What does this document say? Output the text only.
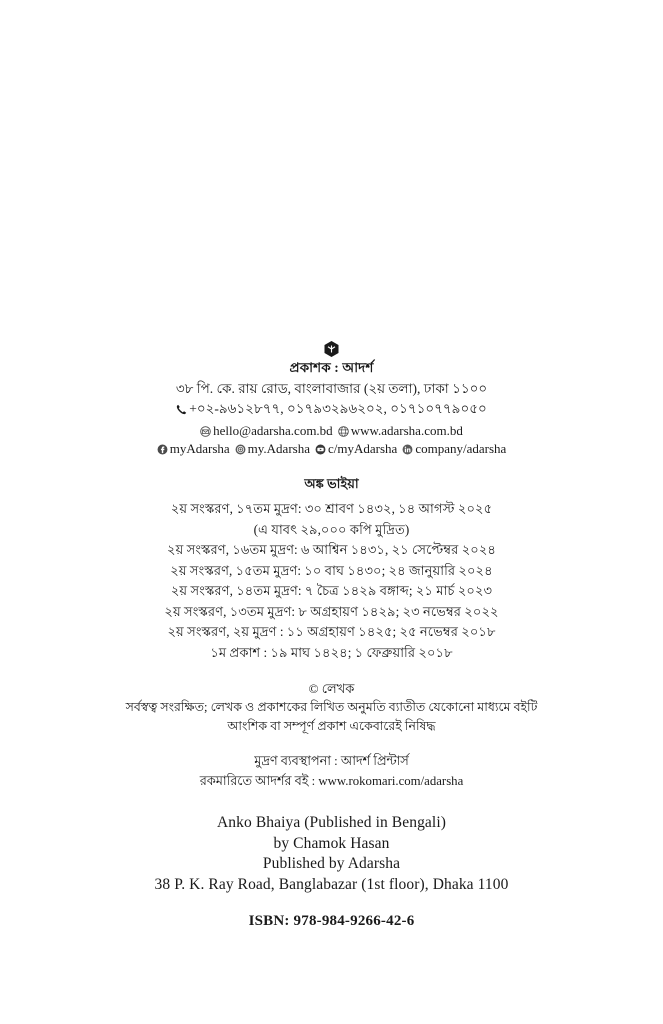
প্রকাশক : আদর্শ
৩৮ পি. কে. রায় রোড, বাংলাবাজার (২য় তলা), ঢাকা ১১০০
+০২-৯৬১২৮৭৭, ০১৭৯৩২৯৬২০২, ০১৭১০৭৭৯০৫০
hello@adarsha.com.bd www.adarsha.com.bd
myAdarsha my.Adarsha c/myAdarsha company/adarsha
অঙ্ক ভাইয়া
২য় সংস্করণ, ১৭তম মুদ্রণ: ৩০ শ্রাবণ ১৪৩২, ১৪ আগস্ট ২০২৫
(এ যাবৎ ২৯,০০০ কপি মুদ্রিত)
২য় সংস্করণ, ১৬তম মুদ্রণ: ৬ আশ্বিন ১৪৩১, ২১ সেপ্টেম্বর ২০২৪
২য় সংস্করণ, ১৫তম মুদ্রণ: ১০ বাঘ ১৪৩০; ২৪ জানুয়ারি ২০২৪
২য় সংস্করণ, ১৪তম মুদ্রণ: ৭ চৈত্র ১৪২৯ বঙ্গাব্দ; ২১ মার্চ ২০২৩
২য় সংস্করণ, ১৩তম মুদ্রণ: ৮ অগ্রহায়ণ ১৪২৯; ২৩ নভেম্বর ২০২২
২য় সংস্করণ, ২য় মুদ্রণ : ১১ অগ্রহায়ণ ১৪২৫; ২৫ নভেম্বর ২০১৮
১ম প্রকাশ : ১৯ মাঘ ১৪২৪; ১ ফেব্রুয়ারি ২০১৮
© লেখক
সর্বস্বত্ব সংরক্ষিত; লেখক ও প্রকাশকের লিখিত অনুমতি ব্যাতীত যেকোনো মাধ্যমে বইটি
আংশিক বা সম্পূর্ণ প্রকাশ একেবারেই নিষিদ্ধ
মুদ্রণ ব্যবস্থাপনা : আদর্শ প্রিন্টার্স
রকমারিতে আদর্শর বই : www.rokomari.com/adarsha
Anko Bhaiya (Published in Bengali)
by Chamok Hasan
Published by Adarsha
38 P. K. Ray Road, Banglabazar (1st floor), Dhaka 1100
ISBN: 978-984-9266-42-6
